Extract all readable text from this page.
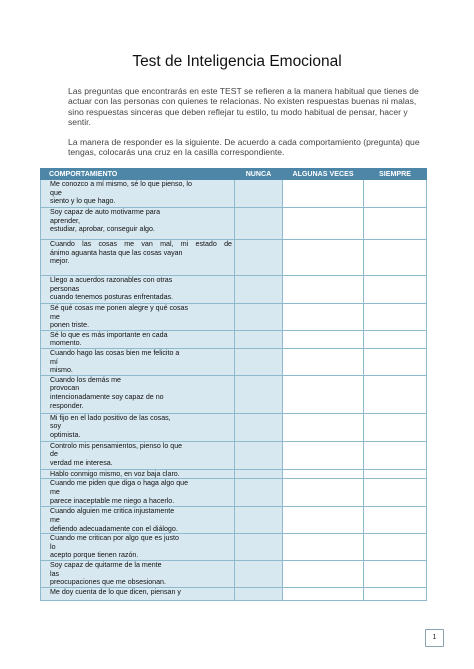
Test de Inteligencia Emocional
Las preguntas que encontrarás en este TEST se refieren a la manera habitual que tienes de actuar con las personas con quienes te relacionas. No existen respuestas buenas ni malas, sino respuestas sinceras que deben reflejar tu estilo, tu modo habitual de pensar, hacer y sentir.
La manera de responder es la siguiente. De acuerdo a cada comportamiento (pregunta) que tengas, colocarás una cruz en la casilla correspondiente.
COMPORTAMIENTO	NUNCA	ALGUNAS VECES	SIEMPRE

Me conozco a mí mismo, sé lo que pienso, lo
que
siento y lo que hago.			

Soy capaz de auto motivarme para
aprender,
estudiar, aprobar, conseguir algo.			

Cuando las cosas me van mal, mi estado de
ánimo aguanta hasta que las cosas vayan
mejor.			

Llego a acuerdos razonables con otras
personas
cuando tenemos posturas enfrentadas.			

Sé qué cosas me ponen alegre y qué cosas
me
ponen triste.			

Sé lo que es más importante en cada
momento.			

Cuando hago las cosas bien me felicito a
mí
mismo.			

Cuando los demás me
provocan
intencionadamente soy capaz de no
responder.			

Mi fijo en el lado positivo de las cosas,
soy
optimista.			

Controlo mis pensamientos, pienso lo que
de
verdad me interesa.			

Hablo conmigo mismo, en voz baja claro.			

Cuando me piden que diga o haga algo que
me
parece inaceptable me niego a hacerlo.			

Cuando alguien me critica injustamente
me
defiendo adecuadamente con el diálogo.			

Cuando me critican por algo que es justo
lo
acepto porque tienen razón.			

Soy capaz de quitarme de la mente
las
preocupaciones que me obsesionan.			

Me doy cuenta de lo que dicen, piensan y			

1
